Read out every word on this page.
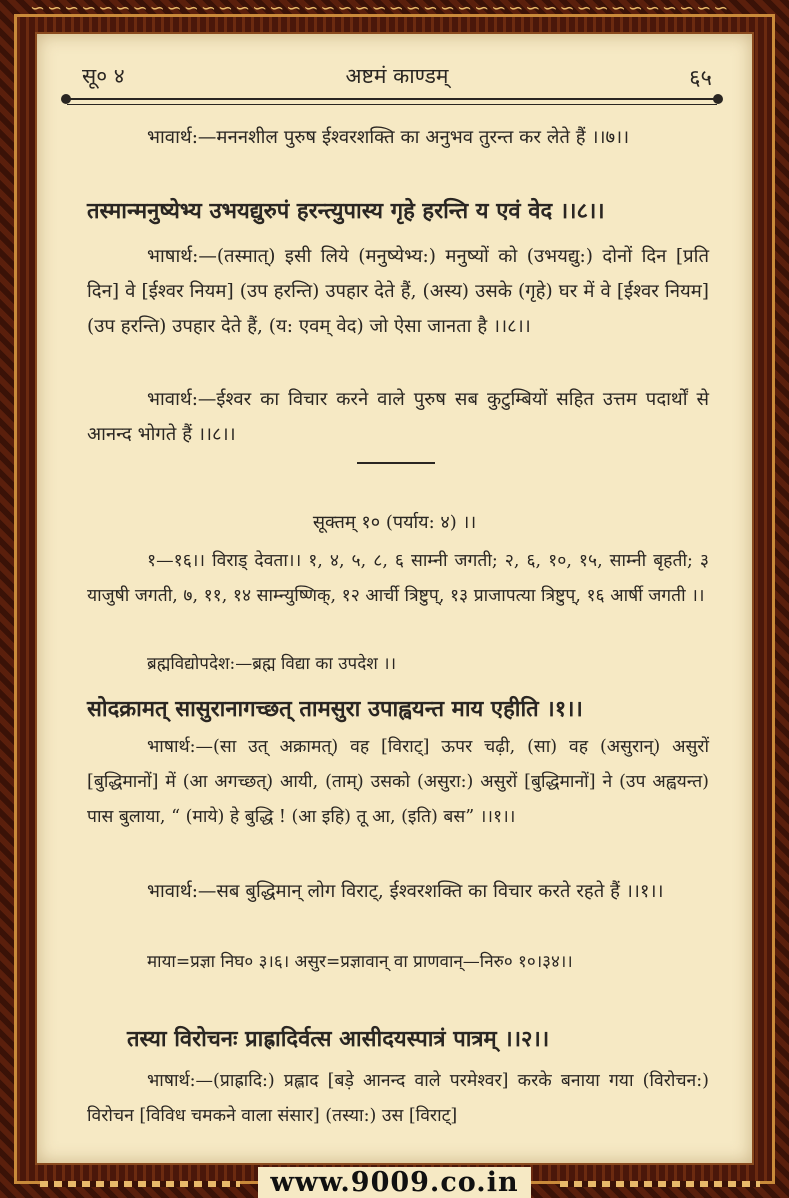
∽∽∽∽∽∽∽∽∽∽∽∽∽∽∽∽∽∽∽∽∽∽∽∽∽∽∽∽∽∽∽∽∽∽∽∽∽∽∽∽∽
सू० ४	अष्टमं काण्डम्	६५
भावार्थ:—मननशील पुरुष ईश्वरशक्ति का अनुभव तुरन्त कर लेते हैं ।।७।।
तस्मान्मनुष्येभ्य उभयद्युरुपं हरन्त्युपास्य गृहे हरन्ति य एवं वेद ।।८।।
भाषार्थ:—(तस्मात्) इसी लिये (मनुष्येभ्य:) मनुष्यों को (उभयद्यु:) दोनों दिन [प्रति दिन] वे [ईश्वर नियम] (उप हरन्ति) उपहार देते हैं, (अस्य) उसके (गृहे) घर में वे [ईश्वर नियम] (उप हरन्ति) उपहार देते हैं, (य: एवम् वेद) जो ऐसा जानता है ।।८।।
भावार्थ:—ईश्वर का विचार करने वाले पुरुष सब कुटुम्बियों सहित उत्तम पदार्थों से आनन्द भोगते हैं ।।८।।
सूक्तम् १० (पर्याय: ४) ।।
१—१६।। विराड् देवता।। १, ४, ५, ८, ६ साम्नी जगती; २, ६, १०, १५, साम्नी बृहती; ३ याजुषी जगती, ७, ११, १४ साम्न्युष्णिक्, १२ आर्ची त्रिष्टुप्, १३ प्राजापत्या त्रिष्टुप्, १६ आर्षी जगती ।।
ब्रह्मविद्योपदेश:—ब्रह्म विद्या का उपदेश ।।
सोदक्रामत् सासुरानागच्छत् तामसुरा उपाह्वयन्त माय एहीति ।१।।
भाषार्थ:—(सा उत् अक्रामत्) वह [विराट्] ऊपर चढ़ी, (सा) वह (असुरान्) असुरों [बुद्धिमानों] में (आ अगच्छत्) आयी, (ताम्) उसको (असुरा:) असुरों [बुद्धिमानों] ने (उप अह्वयन्त) पास बुलाया, “ (माये) हे बुद्धि ! (आ इहि) तू आ, (इति) बस” ।।१।।
भावार्थ:—सब बुद्धिमान् लोग विराट्, ईश्वरशक्ति का विचार करते रहते हैं ।।१।।
माया=प्रज्ञा निघ० ३।६। असुर=प्रज्ञावान् वा प्राणवान्—निरु० १०।३४।।
तस्या विरोचनः प्राह्रादिर्वत्स आसीदयस्पात्रं पात्रम् ।।२।।
भाषार्थ:—(प्राह्रादि:) प्रह्लाद [बड़े आनन्द वाले परमेश्वर] करके बनाया गया (विरोचन:) विरोचन [विविध चमकने वाला संसार] (तस्या:) उस [विराट्]
www.9009.co.in
